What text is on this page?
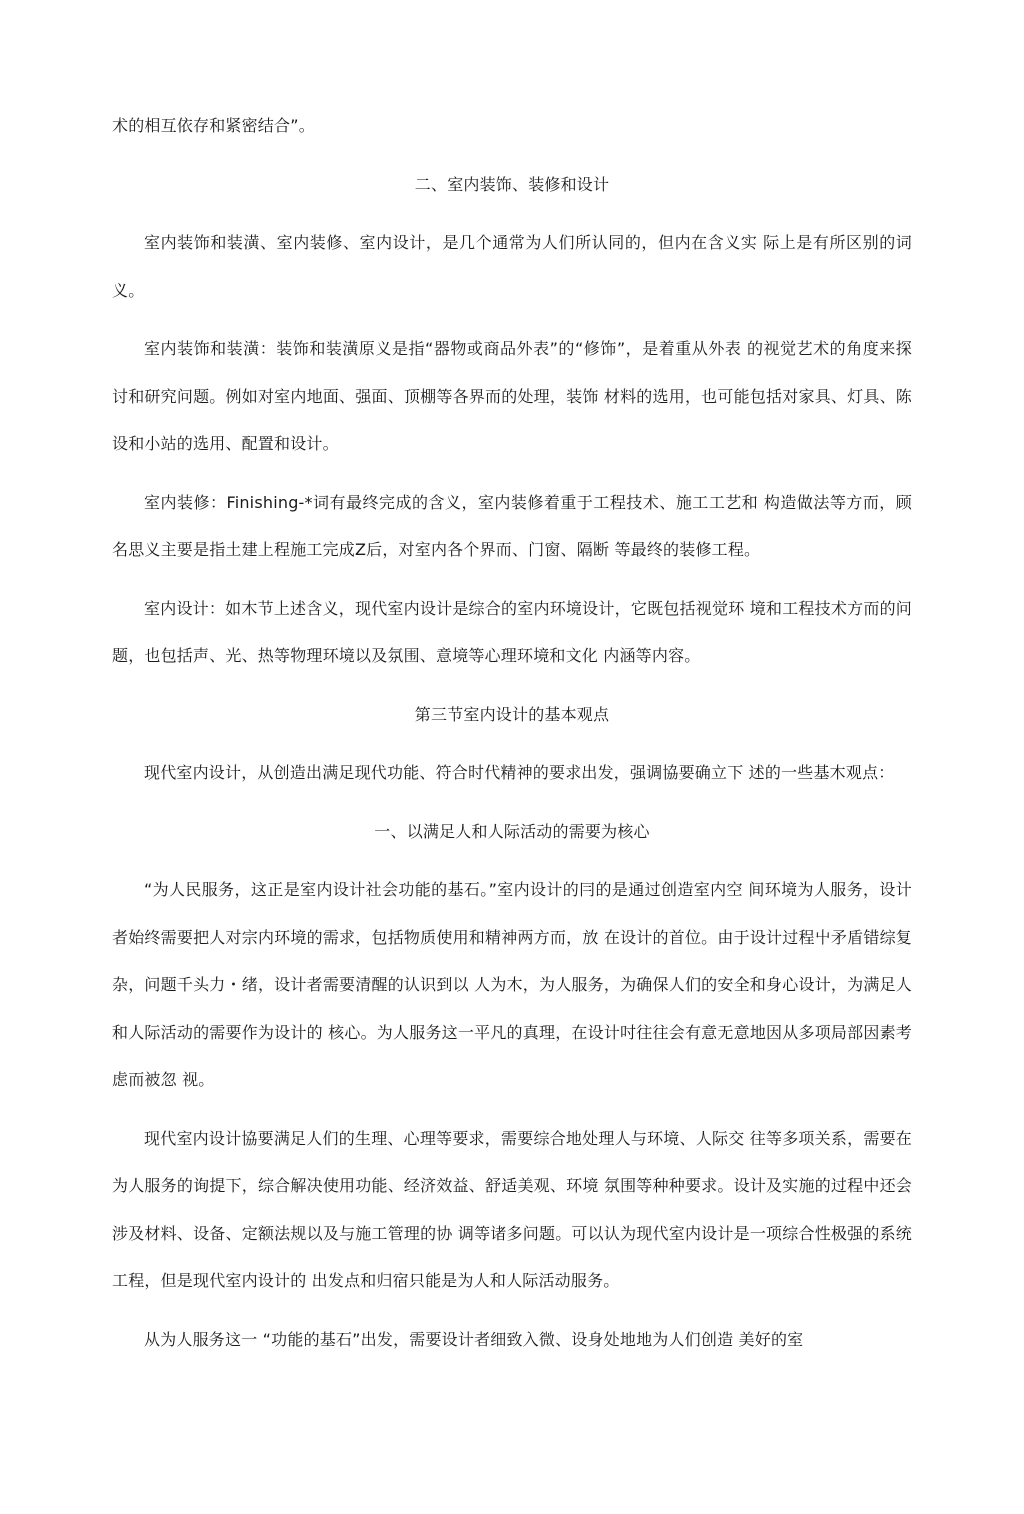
术的相互依存和紧密结合”。

二、室内装饰、装修和设计

室内装饰和装潢、室内装修、室内设计，是几个通常为人们所认同的，但内在含义实 际上是有所区别的词义。

室内装饰和装潢：装饰和装潢原义是指“器物或商品外表”的“修饰”，是着重从外表 的视觉艺术的角度来探讨和研究问题。例如对室内地面、强面、顶棚等各界而的处理，装饰 材料的选用，也可能包括对家具、灯具、陈设和小站的选用、配置和设计。

室内装修：Finishing-*词有最终完成的含义，室内装修着重于工程技术、施工工艺和 构造做法等方而，顾名思义主要是指土建上程施工完成Z后，对室内各个界而、门窗、隔断 等最终的装修工程。

室内设计：如木节上述含义，现代室内设计是综合的室内环境设计，它既包括视觉环 境和工程技术方而的问题，也包括声、光、热等物理环境以及氛围、意境等心理环境和文化 内涵等内容。

第三节室内设计的基本观点

现代室内设计，从创造出满足现代功能、符合时代精神的要求出发，强调協要确立下 述的一些基木观点：

一、以满足人和人际活动的需要为核心

“为人民服务，这正是室内设计社会功能的基石。”室内设计的冃的是通过创造室内空 间环境为人服务，设计者始终需要把人对宗内环境的需求，包括物质使用和精神两方而，放 在设计的首位。由于设计过程屮矛盾错综复杂，问题千头力・绪，设计者需要清醒的认识到以 人为木，为人服务，为确保人们的安全和身心设计，为满足人和人际活动的需要作为设计的 核心。为人服务这一平凡的真理，在设计吋往往会有意无意地因从多项局部因素考虑而被忽 视。

现代室内设计協要满足人们的生理、心理等要求，需要综合地处理人与环境、人际交 往等多项关系，需要在为人服务的询提下，综合解决使用功能、经济效益、舒适美观、环境 氛围等种种要求。设计及实施的过程中还会涉及材料、设备、定额法规以及与施工管理的协 调等诸多问题。可以认为现代室内设计是一项综合性极强的系统工程，但是现代室内设计的 出发点和归宿只能是为人和人际活动服务。

从为人服务这一 “功能的基石”出发，需要设计者细致入微、设身处地地为人们创造 美好的室
